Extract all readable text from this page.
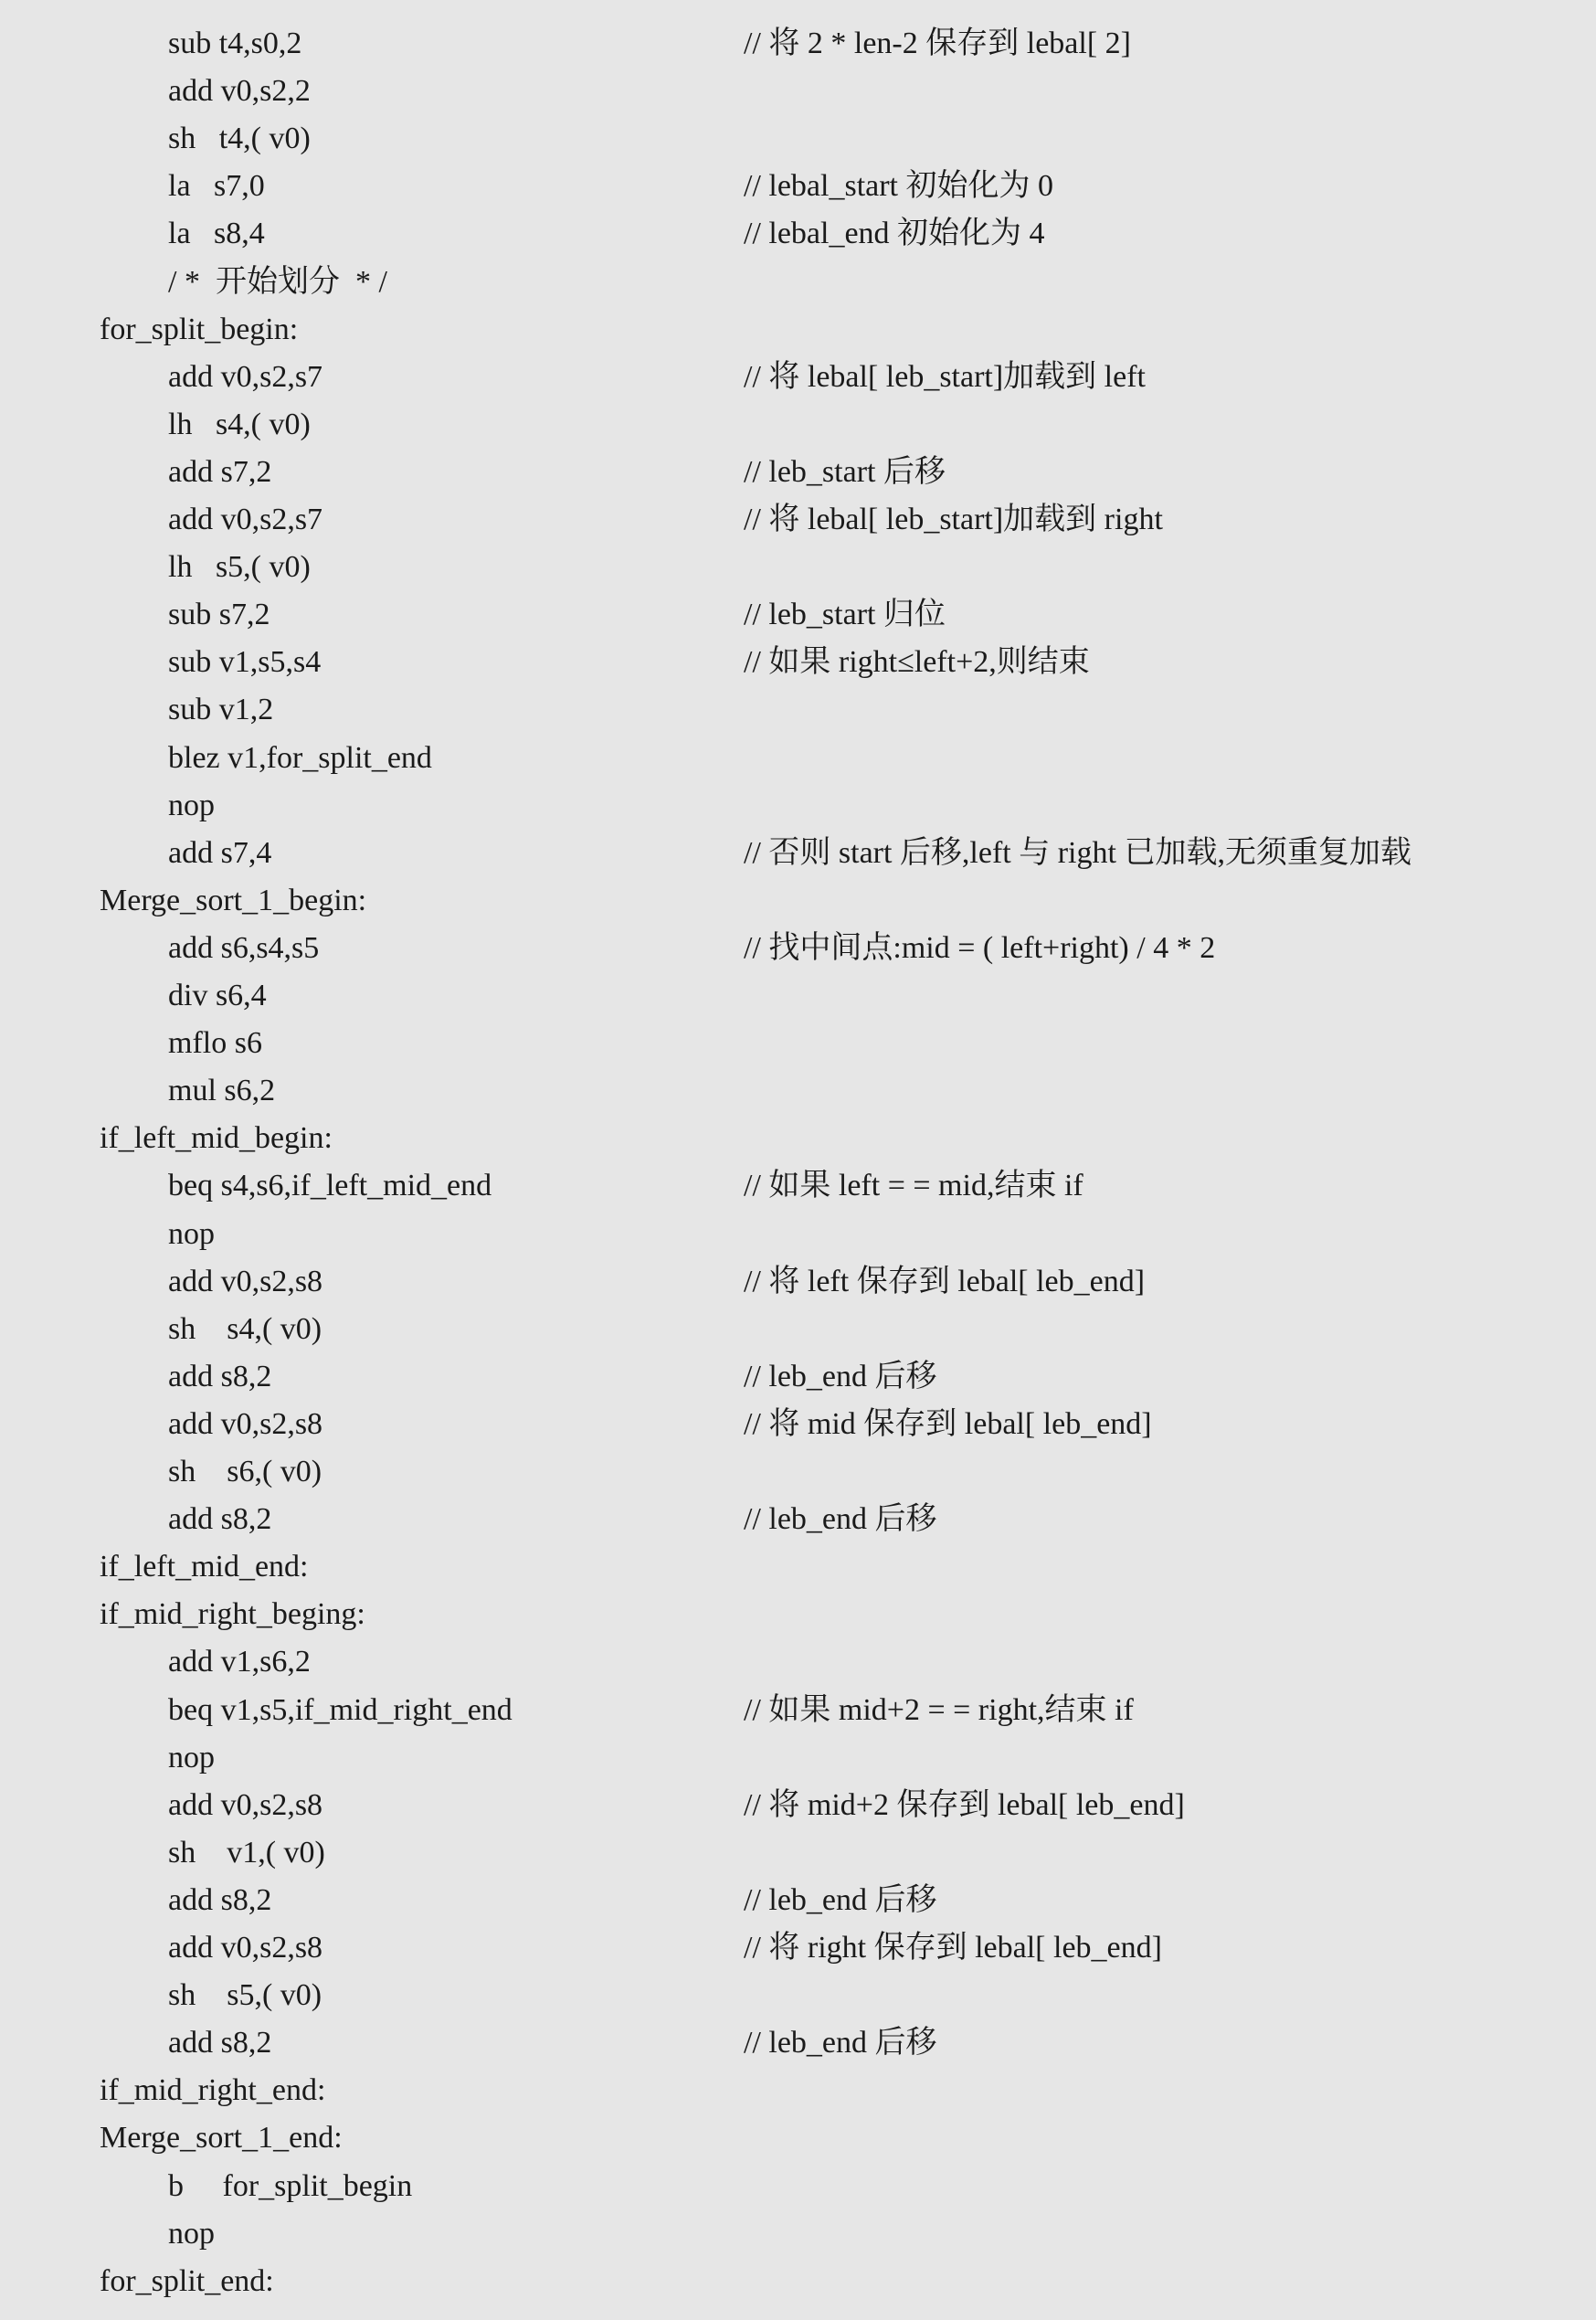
sub t4,s0,2	// 将 2 * len-2 保存到 lebal[ 2]
add v0,s2,2
sh   t4,( v0)
la   s7,0	// lebal_start 初始化为 0
la   s8,4	// lebal_end 初始化为 4
/ *  开始划分  * /
for_split_begin:
add v0,s2,s7	// 将 lebal[ leb_start]加载到 left
lh   s4,( v0)
add s7,2	// leb_start 后移
add v0,s2,s7	// 将 lebal[ leb_start]加载到 right
lh   s5,( v0)
sub s7,2	// leb_start 归位
sub v1,s5,s4	// 如果 right≤left+2,则结束
sub v1,2
blez v1,for_split_end
nop
add s7,4	// 否则 start 后移,left 与 right 已加载,无须重复加载
Merge_sort_1_begin:
add s6,s4,s5	// 找中间点:mid = ( left+right) / 4 * 2
div s6,4
mflo s6
mul s6,2
if_left_mid_begin:
beq s4,s6,if_left_mid_end	// 如果 left = = mid,结束 if
nop
add v0,s2,s8	// 将 left 保存到 lebal[ leb_end]
sh    s4,( v0)
add s8,2	// leb_end 后移
add v0,s2,s8	// 将 mid 保存到 lebal[ leb_end]
sh    s6,( v0)
add s8,2	// leb_end 后移
if_left_mid_end:
if_mid_right_beging:
add v1,s6,2
beq v1,s5,if_mid_right_end	// 如果 mid+2 = = right,结束 if
nop
add v0,s2,s8	// 将 mid+2 保存到 lebal[ leb_end]
sh    v1,( v0)
add s8,2	// leb_end 后移
add v0,s2,s8	// 将 right 保存到 lebal[ leb_end]
sh    s5,( v0)
add s8,2	// leb_end 后移
if_mid_right_end:
Merge_sort_1_end:
b     for_split_begin
nop
for_split_end:
